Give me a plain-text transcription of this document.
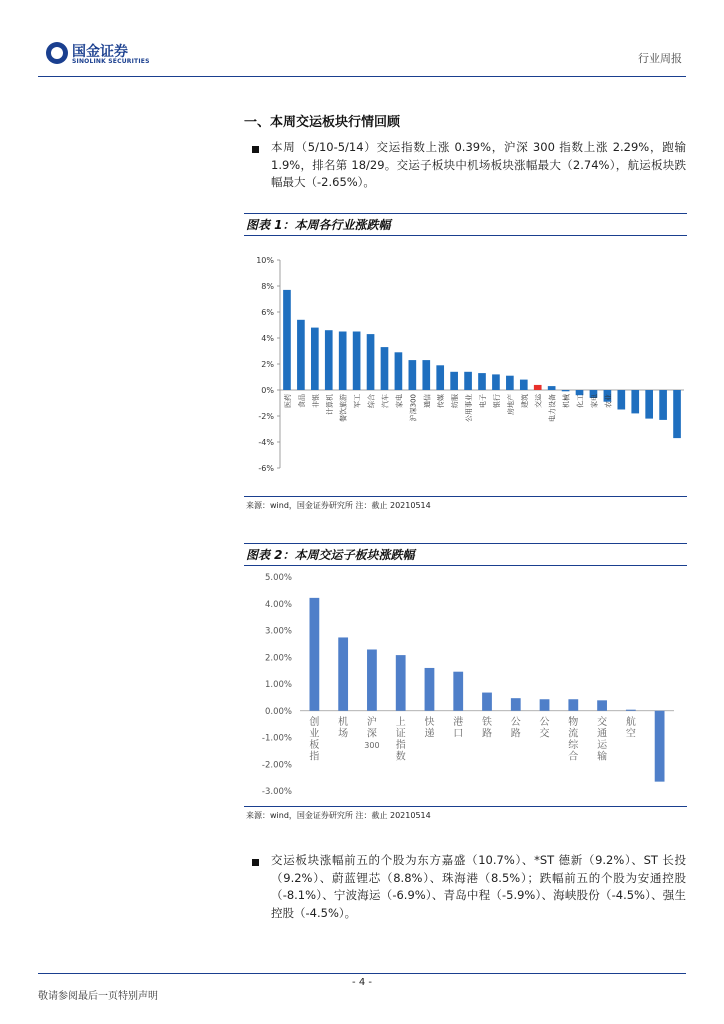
国金证券
SINOLINK SECURITIES	行业周报
一、本周交运板块行情回顾
本周（5/10-5/14）交运指数上涨 0.39%，沪深 300 指数上涨 2.29%，跑输 1.9%，排名第 18/29。交运子板块中机场板块涨幅最大（2.74%），航运板块跌幅最大（-2.65%）。
图表 1：本周各行业涨跌幅
10%
8%
6%
4%
2%
0%
-2%
-4%
-6%
医药 食品 非银 计算机 餐饮旅游 军工 综合 汽车 家电 沪深300 通信 传媒 纺服 公用事业 电子 银行 房地产 建筑 交运 电力设备 机械 化工 家电 农业
来源：wind，国金证券研究所 注：截止 20210514
图表 2：本周交运子板块涨跌幅
5.00%
4.00%
3.00%
2.00%
1.00%
0.00%
-1.00%
-2.00%
-3.00%
创业板指
机场
沪深 300
上证指数
快递
港口
铁路
公路
公交
物流综合
交通运输
航空
来源：wind，国金证券研究所 注：截止 20210514
交运板块涨幅前五的个股为东方嘉盛（10.7%）、*ST 德新（9.2%）、ST 长投（9.2%）、蔚蓝锂芯（8.8%）、珠海港（8.5%）；跌幅前五的个股为安通控股（-8.1%）、宁波海运（-6.9%）、青岛中程（-5.9%）、海峡股份（-4.5%）、强生控股（-4.5%）。
- 4 -
敬请参阅最后一页特别声明
